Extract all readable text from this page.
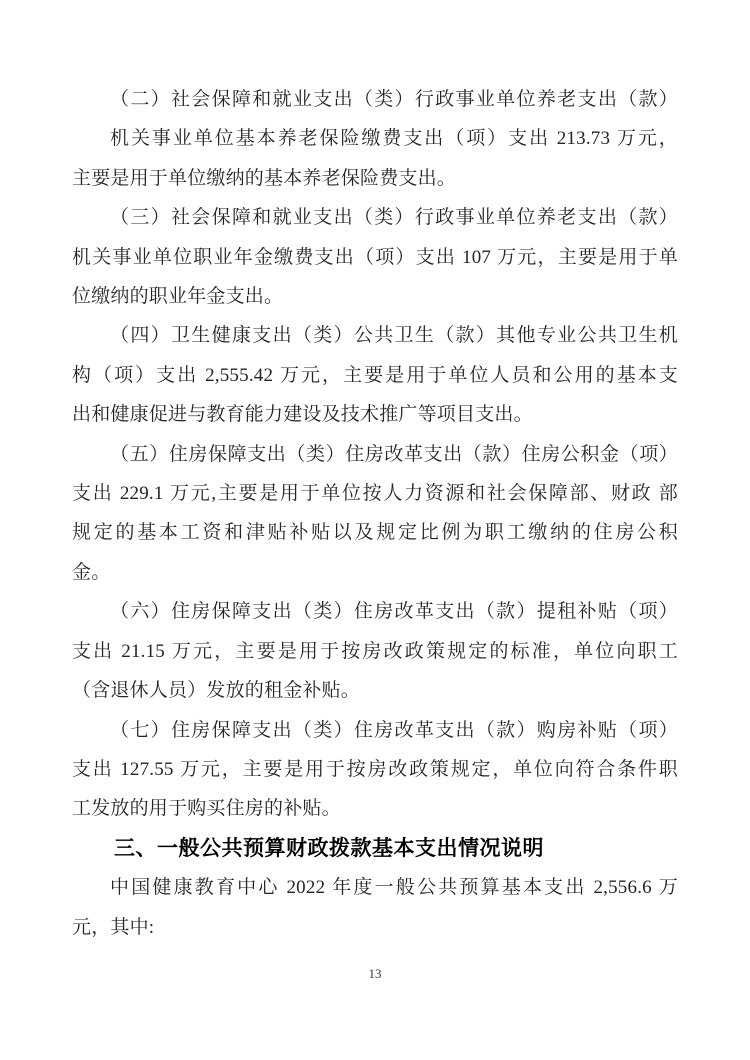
（二）社会保障和就业支出（类）行政事业单位养老支出（款）
机关事业单位基本养老保险缴费支出（项）支出 213.73 万元，
主要是用于单位缴纳的基本养老保险费支出。
（三）社会保障和就业支出（类）行政事业单位养老支出（款）
机关事业单位职业年金缴费支出（项）支出 107 万元，主要是用于单
位缴纳的职业年金支出。
（四）卫生健康支出（类）公共卫生（款）其他专业公共卫生机
构（项）支出 2,555.42 万元，主要是用于单位人员和公用的基本支
出和健康促进与教育能力建设及技术推广等项目支出。
（五）住房保障支出（类）住房改革支出（款）住房公积金（项）
支出 229.1 万元,主要是用于单位按人力资源和社会保障部、财政 部
规定的基本工资和津贴补贴以及规定比例为职工缴纳的住房公积
金。
（六）住房保障支出（类）住房改革支出（款）提租补贴（项）
支出 21.15 万元，主要是用于按房改政策规定的标准，单位向职工
（含退休人员）发放的租金补贴。
（七）住房保障支出（类）住房改革支出（款）购房补贴（项）
支出 127.55 万元，主要是用于按房改政策规定，单位向符合条件职
工发放的用于购买住房的补贴。
三、一般公共预算财政拨款基本支出情况说明
中国健康教育中心 2022 年度一般公共预算基本支出 2,556.6 万
元，其中:
13
